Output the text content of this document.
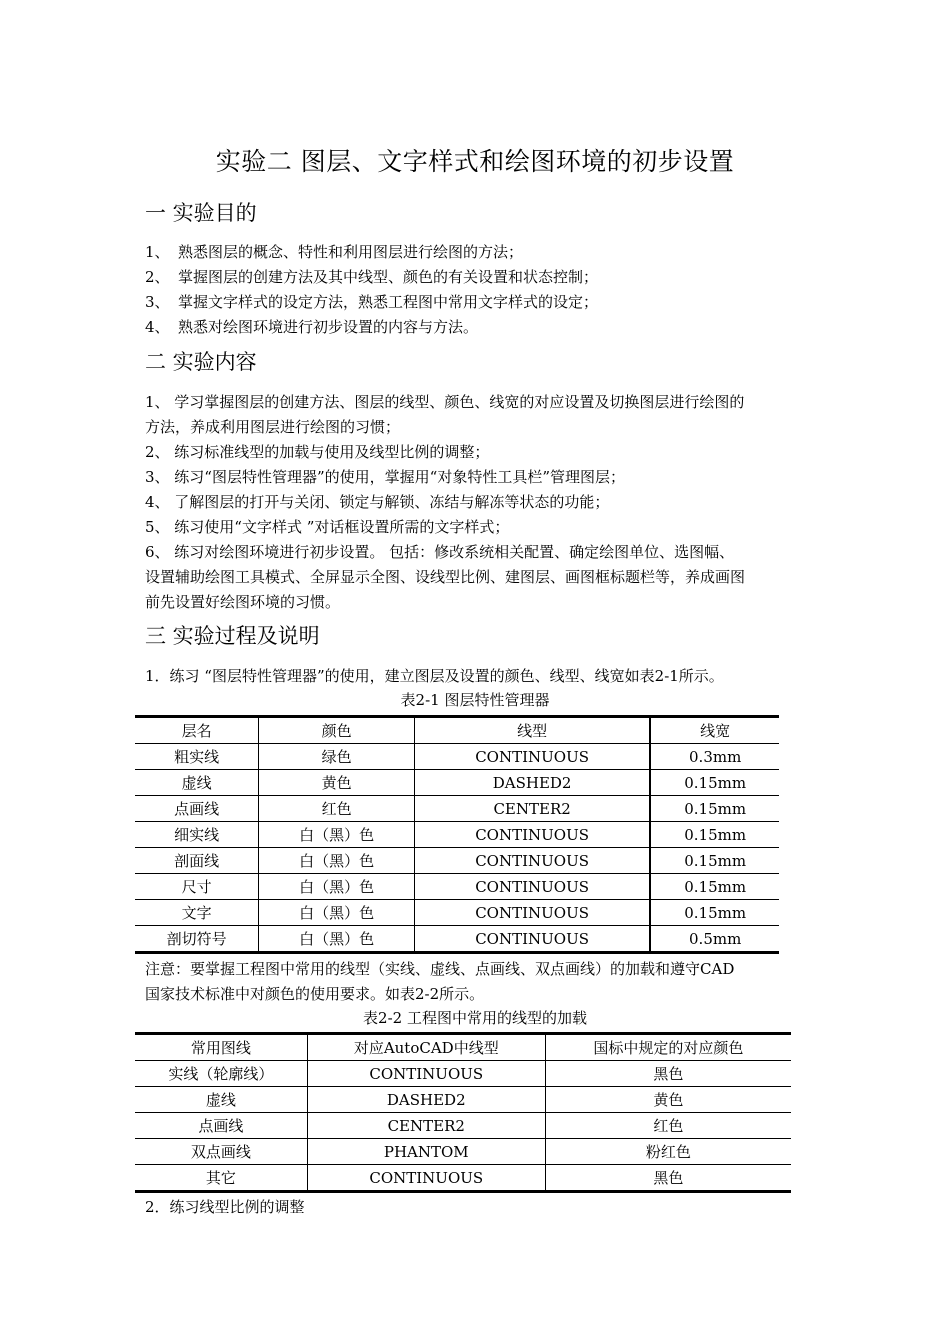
实验二 图层、文字样式和绘图环境的初步设置
一 实验目的
1、 熟悉图层的概念、特性和利用图层进行绘图的方法；
2、 掌握图层的创建方法及其中线型、颜色的有关设置和状态控制；
3、 掌握文字样式的设定方法，熟悉工程图中常用文字样式的设定；
4、 熟悉对绘图环境进行初步设置的内容与方法。
二 实验内容
1、 学习掌握图层的创建方法、图层的线型、颜色、线宽的对应设置及切换图层进行绘图的
方法，养成利用图层进行绘图的习惯；
2、 练习标准线型的加载与使用及线型比例的调整；
3、 练习“图层特性管理器”的使用，掌握用“对象特性工具栏”管理图层；
4、 了解图层的打开与关闭、锁定与解锁、冻结与解冻等状态的功能；
5、 练习使用“文字样式 ”对话框设置所需的文字样式；
6、 练习对绘图环境进行初步设置。 包括：修改系统相关配置、确定绘图单位、选图幅、
设置辅助绘图工具模式、全屏显示全图、设线型比例、建图层、画图框标题栏等，养成画图
前先设置好绘图环境的习惯。
三 实验过程及说明
1．练习 “图层特性管理器”的使用，建立图层及设置的颜色、线型、线宽如表2-1所示。
表2-1 图层特性管理器
层名	颜色	线型	线宽
粗实线	绿色	CONTINUOUS	0.3mm
虚线	黄色	DASHED2	0.15mm
点画线	红色	CENTER2	0.15mm
细实线	白（黑）色	CONTINUOUS	0.15mm
剖面线	白（黑）色	CONTINUOUS	0.15mm
尺寸	白（黑）色	CONTINUOUS	0.15mm
文字	白（黑）色	CONTINUOUS	0.15mm
剖切符号	白（黑）色	CONTINUOUS	0.5mm
注意：要掌握工程图中常用的线型（实线、虚线、点画线、双点画线）的加载和遵守CAD
国家技术标准中对颜色的使用要求。如表2-2所示。
表2-2 工程图中常用的线型的加载
常用图线	对应AutoCAD中线型	国标中规定的对应颜色
实线（轮廓线）	CONTINUOUS	黑色
虚线	DASHED2	黄色
点画线	CENTER2	红色
双点画线	PHANTOM	粉红色
其它	CONTINUOUS	黑色
2．练习线型比例的调整
